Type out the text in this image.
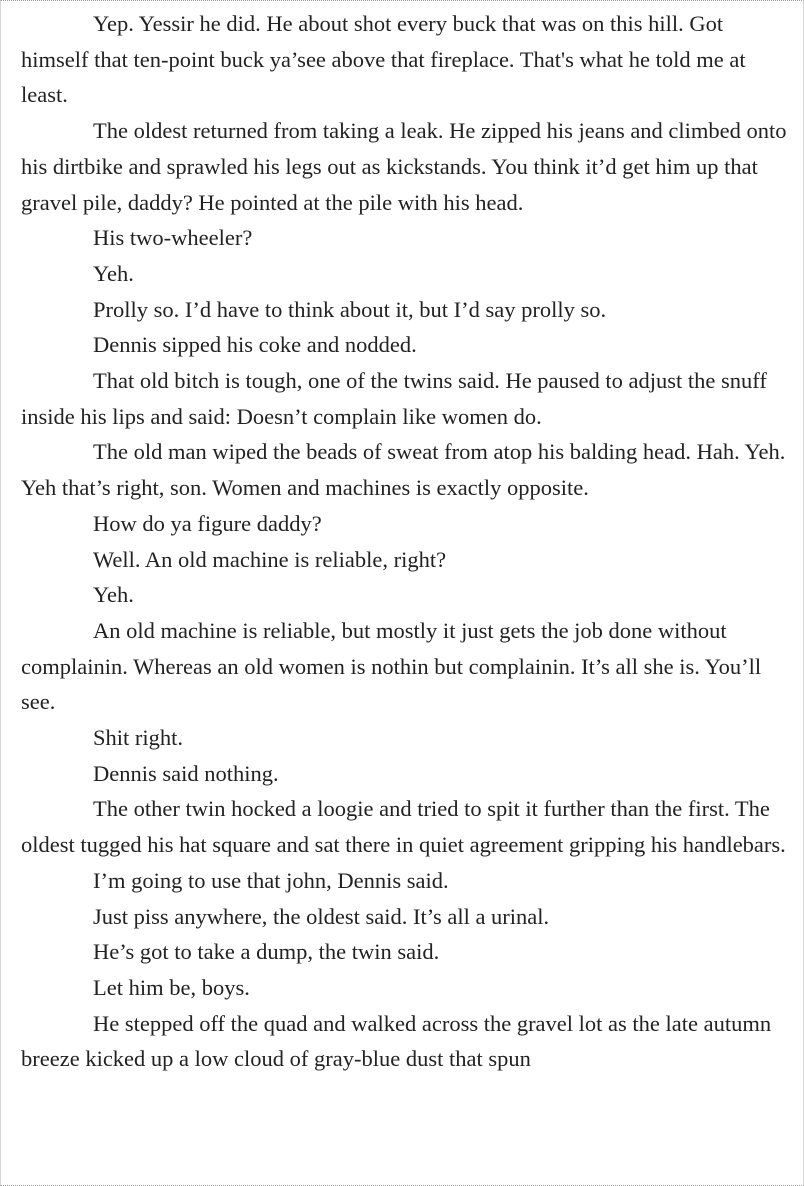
Yep. Yessir he did. He about shot every buck that was on this hill. Got himself that ten-point buck ya’see above that fireplace. That's what he told me at least.

The oldest returned from taking a leak. He zipped his jeans and climbed onto his dirtbike and sprawled his legs out as kickstands. You think it’d get him up that gravel pile, daddy? He pointed at the pile with his head.

His two-wheeler?

Yeh.

Prolly so. I’d have to think about it, but I’d say prolly so.

Dennis sipped his coke and nodded.

That old bitch is tough, one of the twins said. He paused to adjust the snuff inside his lips and said: Doesn’t complain like women do.

The old man wiped the beads of sweat from atop his balding head. Hah. Yeh. Yeh that’s right, son. Women and machines is exactly opposite.

How do ya figure daddy?

Well. An old machine is reliable, right?

Yeh.

An old machine is reliable, but mostly it just gets the job done without complainin. Whereas an old women is nothin but complainin. It’s all she is. You’ll see.

Shit right.

Dennis said nothing.

The other twin hocked a loogie and tried to spit it further than the first. The oldest tugged his hat square and sat there in quiet agreement gripping his handlebars.

I’m going to use that john, Dennis said.

Just piss anywhere, the oldest said. It’s all a urinal.

He’s got to take a dump, the twin said.

Let him be, boys.

He stepped off the quad and walked across the gravel lot as the late autumn breeze kicked up a low cloud of gray-blue dust that spun
